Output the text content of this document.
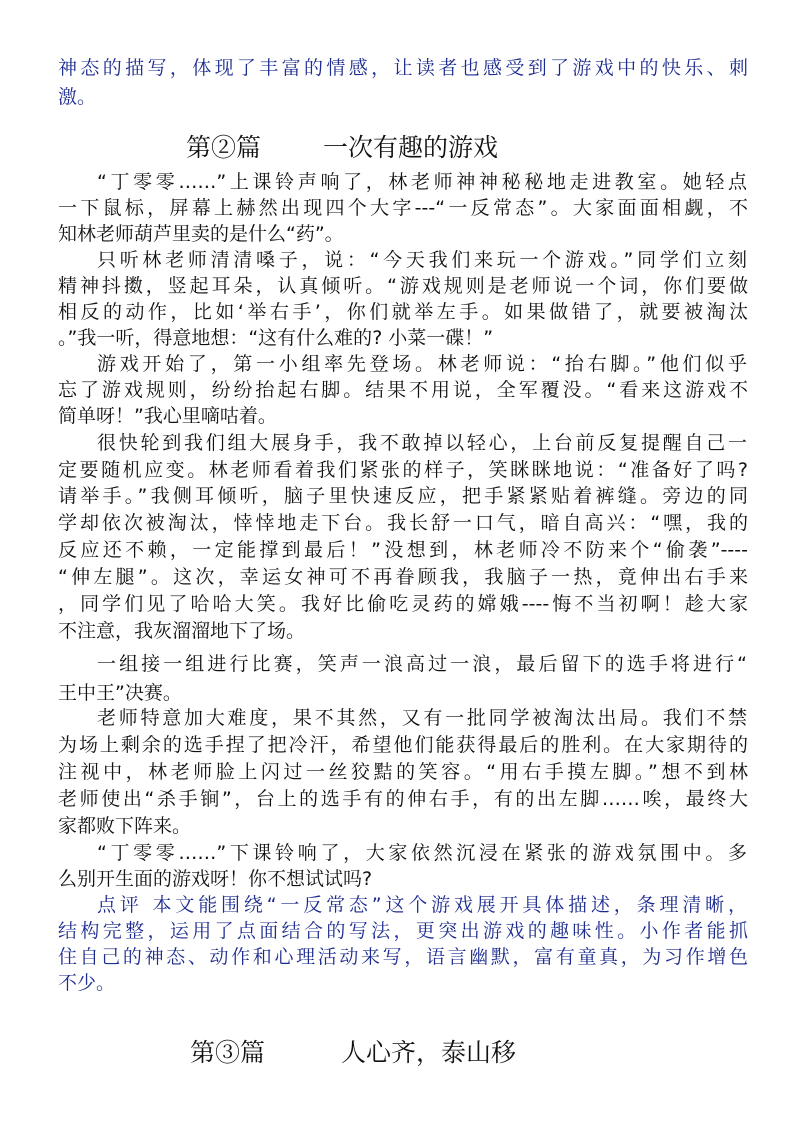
神态的描写，体现了丰富的情感，让读者也感受到了游戏中的快乐、刺
激。
第②篇 一次有趣的游戏
“丁零零……”上课铃声响了，林老师神神秘秘地走进教室。她轻点
一下鼠标，屏幕上赫然出现四个大字---“一反常态”。大家面面相觑，不
知林老师葫芦里卖的是什么“药”。
只听林老师清清嗓子，说：“今天我们来玩一个游戏。”同学们立刻
精神抖擞，竖起耳朵，认真倾听。“游戏规则是老师说一个词，你们要做
相反的动作，比如‘举右手’，你们就举左手。如果做错了，就要被淘汰
。”我一听，得意地想：“这有什么难的? 小菜一碟！”
游戏开始了，第一小组率先登场。林老师说：“抬右脚。”他们似乎
忘了游戏规则，纷纷抬起右脚。结果不用说，全军覆没。“看来这游戏不
简单呀！”我心里嘀咕着。
很快轮到我们组大展身手，我不敢掉以轻心，上台前反复提醒自己一
定要随机应变。林老师看着我们紧张的样子，笑眯眯地说：“准备好了吗?
请举手。”我侧耳倾听，脑子里快速反应，把手紧紧贴着裤缝。旁边的同
学却依次被淘汰，悻悻地走下台。我长舒一口气，暗自高兴：“嘿，我的
反应还不赖，一定能撑到最后！”没想到，林老师冷不防来个“偷袭”----
“伸左腿”。这次，幸运女神可不再眷顾我，我脑子一热，竟伸出右手来
，同学们见了哈哈大笑。我好比偷吃灵药的嫦娥----悔不当初啊！趁大家
不注意，我灰溜溜地下了场。
一组接一组进行比赛，笑声一浪高过一浪，最后留下的选手将进行“
王中王”决赛。
老师特意加大难度，果不其然，又有一批同学被淘汰出局。我们不禁
为场上剩余的选手捏了把冷汗，希望他们能获得最后的胜利。在大家期待的
注视中，林老师脸上闪过一丝狡黠的笑容。“用右手摸左脚。”想不到林
老师使出“杀手锏”，台上的选手有的伸右手，有的出左脚……唉，最终大
家都败下阵来。
“丁零零……”下课铃响了，大家依然沉浸在紧张的游戏氛围中。多
么别开生面的游戏呀！你不想试试吗?
点评 本文能围绕“一反常态”这个游戏展开具体描述，条理清晰，
结构完整，运用了点面结合的写法，更突出游戏的趣味性。小作者能抓
住自己的神态、动作和心理活动来写，语言幽默，富有童真，为习作增色
不少。
第③篇	人心齐，泰山移
